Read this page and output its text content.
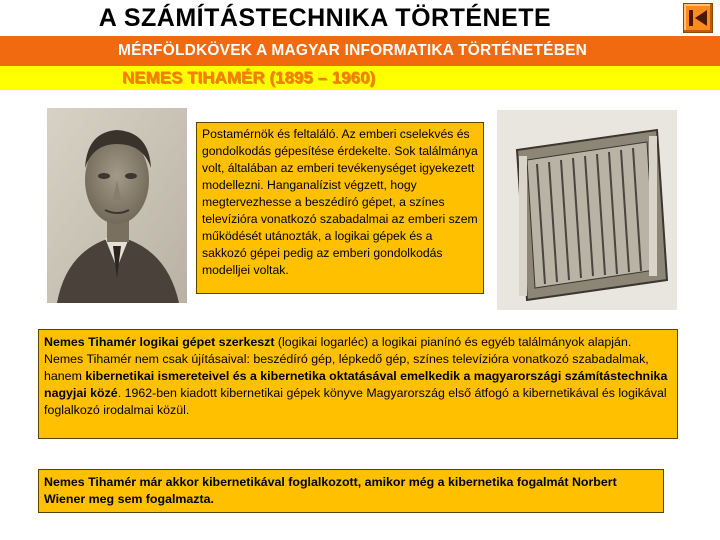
A SZÁMÍTÁSTECHNIKA TÖRTÉNETE
MÉRFÖLDKÖVEK A MAGYAR INFORMATIKA TÖRTÉNETÉBEN
NEMES TIHAMÉR (1895 – 1960)
Postamérnök és feltaláló. Az emberi cselekvés és gondolkodás gépesítése érdekelte. Sok találmánya volt, általában az emberi tevékenységet igyekezett modellezni. Hanganalízist végzett, hogy megtervezhesse a beszédíró gépet, a színes televízióra vonatkozó szabadalmai az emberi szem működését utánozták, a logikai gépek és a sakkozó gépei pedig az emberi gondolkodás modelljei voltak.
Nemes Tihamér logikai gépet szerkeszt (logikai logarléc) a logikai pianínó és egyéb találmányok alapján. Nemes Tihamér nem csak újításaival: beszédíró gép, lépkedő gép, színes televízióra vonatkozó szabadalmak, hanem kibernetikai ismereteivel és a kibernetika oktatásával emelkedik a magyarországi számítástechnika nagyjai közé. 1962-ben kiadott kibernetikai gépek könyve Magyarország első átfogó a kibernetikával és logikával foglalkozó irodalmai közül.
Nemes Tihamér már akkor kibernetikával foglalkozott, amikor még a kibernetika fogalmát Norbert Wiener meg sem fogalmazta.
